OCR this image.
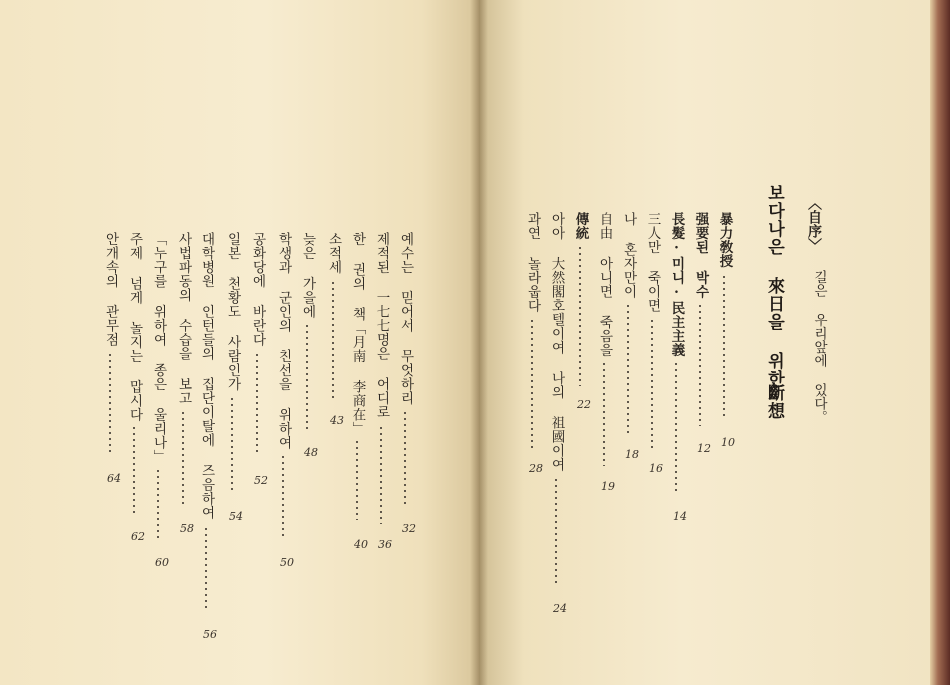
〈自序〉
길은 우리앞에 있다。
보다나은 來日을 위한
斷想
暴力敎授
10
强要된 박수
12
長髮·미니·民主主義
14
三人만 죽이면
16
나 혼자만이
18
自由 아니면 죽음을
19
傳統
22
아아 大然閣호텔이여 나의 祖國이여
24
과연 놀라웁다
28
예수는 믿어서 무엇하리
32
제적된 一七七명은 어디로
36
한 권의 책「月南 李商在」
40
소적세
43
늦은 가을에
48
학생과 군인의 친선을 위하여
50
공화당에 바란다
52
일본 천황도 사람인가
54
대학병원 인턴들의 집단이탈에 즈음하여
56
사법파동의 수습을 보고
58
「누구를 위하여 종은 울리나」
60
주제 넘게 놀지는 맙시다
62
안개속의 관무점
64
